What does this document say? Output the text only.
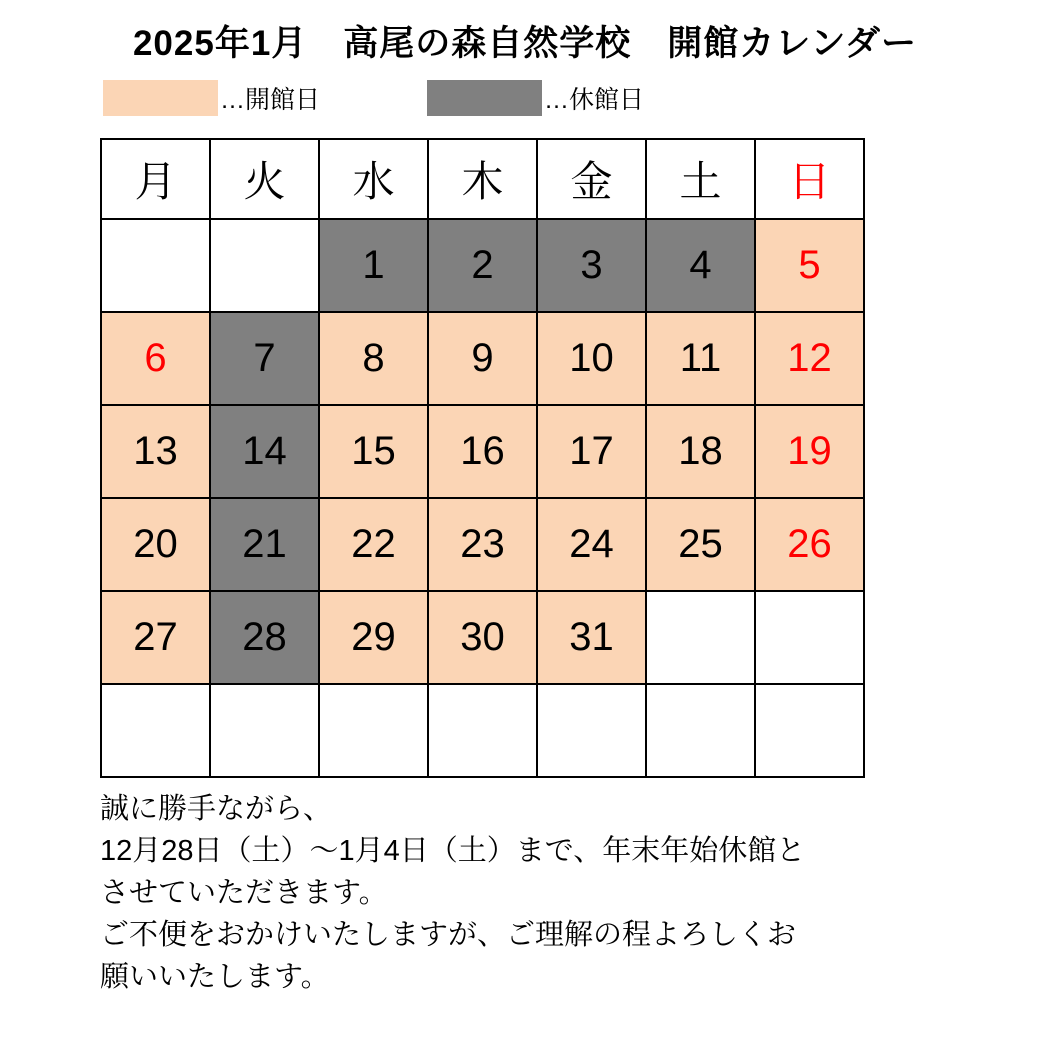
2025年1月　高尾の森自然学校　開館カレンダー
…開館日	…休館日
月	火	水	木	金	土	日
		1	2	3	4	5
6	7	8	9	10	11	12
13	14	15	16	17	18	19
20	21	22	23	24	25	26
27	28	29	30	31		

誠に勝手ながら、
12月28日（土）〜1月4日（土）まで、年末年始休館と
させていただきます。
ご不便をおかけいたしますが、ご理解の程よろしくお
願いいたします。
